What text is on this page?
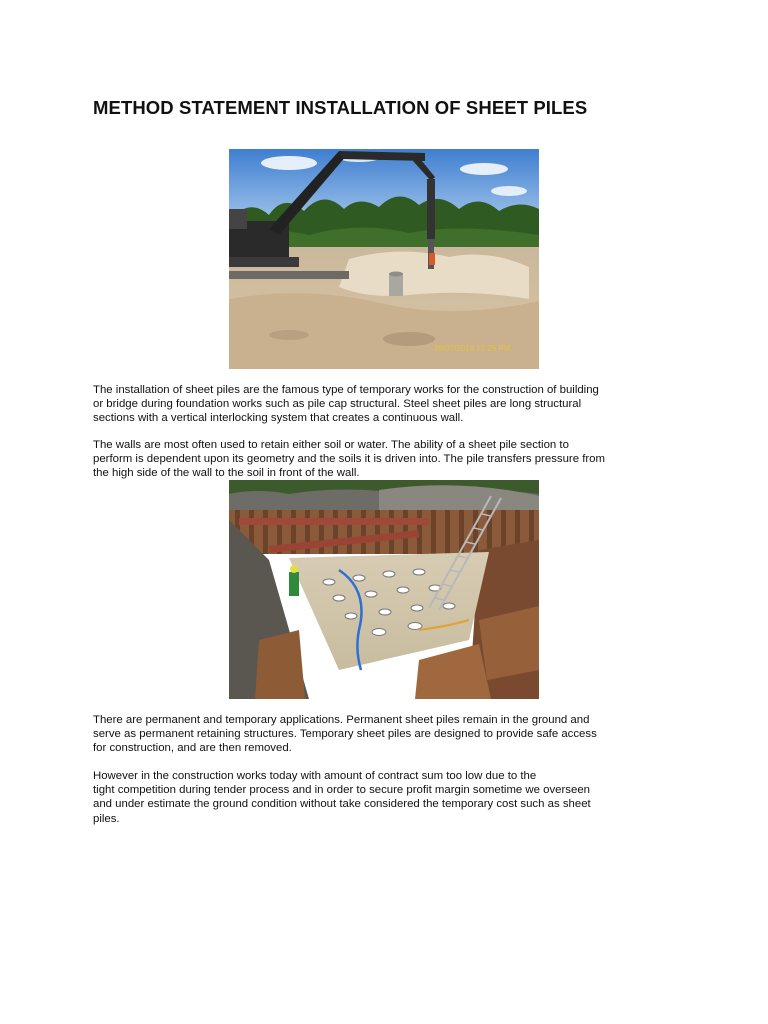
METHOD STATEMENT INSTALLATION OF SHEET PILES
29/07/2019 12:25 PM

The installation of sheet piles are the famous type of temporary works for the construction of building
or bridge during foundation works such as pile cap structural. Steel sheet piles are long structural
sections with a vertical interlocking system that creates a continuous wall.

The walls are most often used to retain either soil or water. The ability of a sheet pile section to
perform is dependent upon its geometry and the soils it is driven into. The pile transfers pressure from
the high side of the wall to the soil in front of the wall.

There are permanent and temporary applications. Permanent sheet piles remain in the ground and
serve as permanent retaining structures. Temporary sheet piles are designed to provide safe access
for construction, and are then removed.

However in the construction works today with amount of contract sum too low due to the
tight competition during tender process and in order to secure profit margin sometime we overseen
and under estimate the ground condition without take considered the temporary cost such as sheet
piles.
